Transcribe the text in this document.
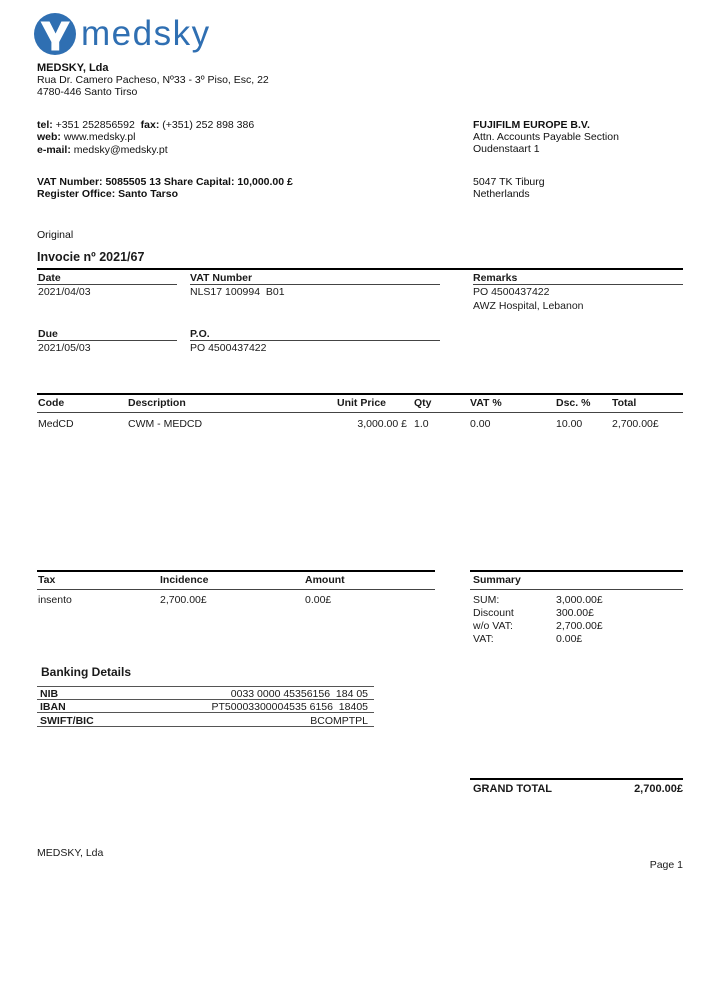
medsky
MEDSKY, Lda
Rua Dr. Camero Pacheso, Nº33 - 3º Piso, Esc, 22
4780-446 Santo Tirso
tel: +351 252856592 fax: (+351) 252 898 386
web: www.medsky.pl
e-mail: medsky@medsky.pt
VAT Number: 5085505 13 Share Capital: 10,000.00 £
Register Office: Santo Tarso
FUJIFILM EUROPE B.V.
Attn. Accounts Payable Section
Oudenstaart 1
5047 TK Tiburg
Netherlands
Original
Invocie nº 2021/67
Date	VAT Number	Remarks
2021/04/03	NLS17 100994  B01	PO 4500437422
AWZ Hospital, Lebanon
Due	P.O.
2021/05/03	PO 4500437422
Code	Description	Unit Price	Qty	VAT %	Dsc. % Total
MedCD	CWM - MEDCD	3,000.00 £ 1.0	0.00	10.00	2,700.00£
Tax	Incidence	Amount
insento	2,700.00£	0.00£
Summary
SUM:	3,000.00£
Discount	300.00£
w/o VAT:	2,700.00£
VAT:	0.00£
Banking Details
NIB	0033 0000 45356156  184 05
IBAN	PT50003300004535 6156  18405
SWIFT/BIC	BCOMPTPL
GRAND TOTAL	2,700.00£
MEDSKY, Lda
Page 1
